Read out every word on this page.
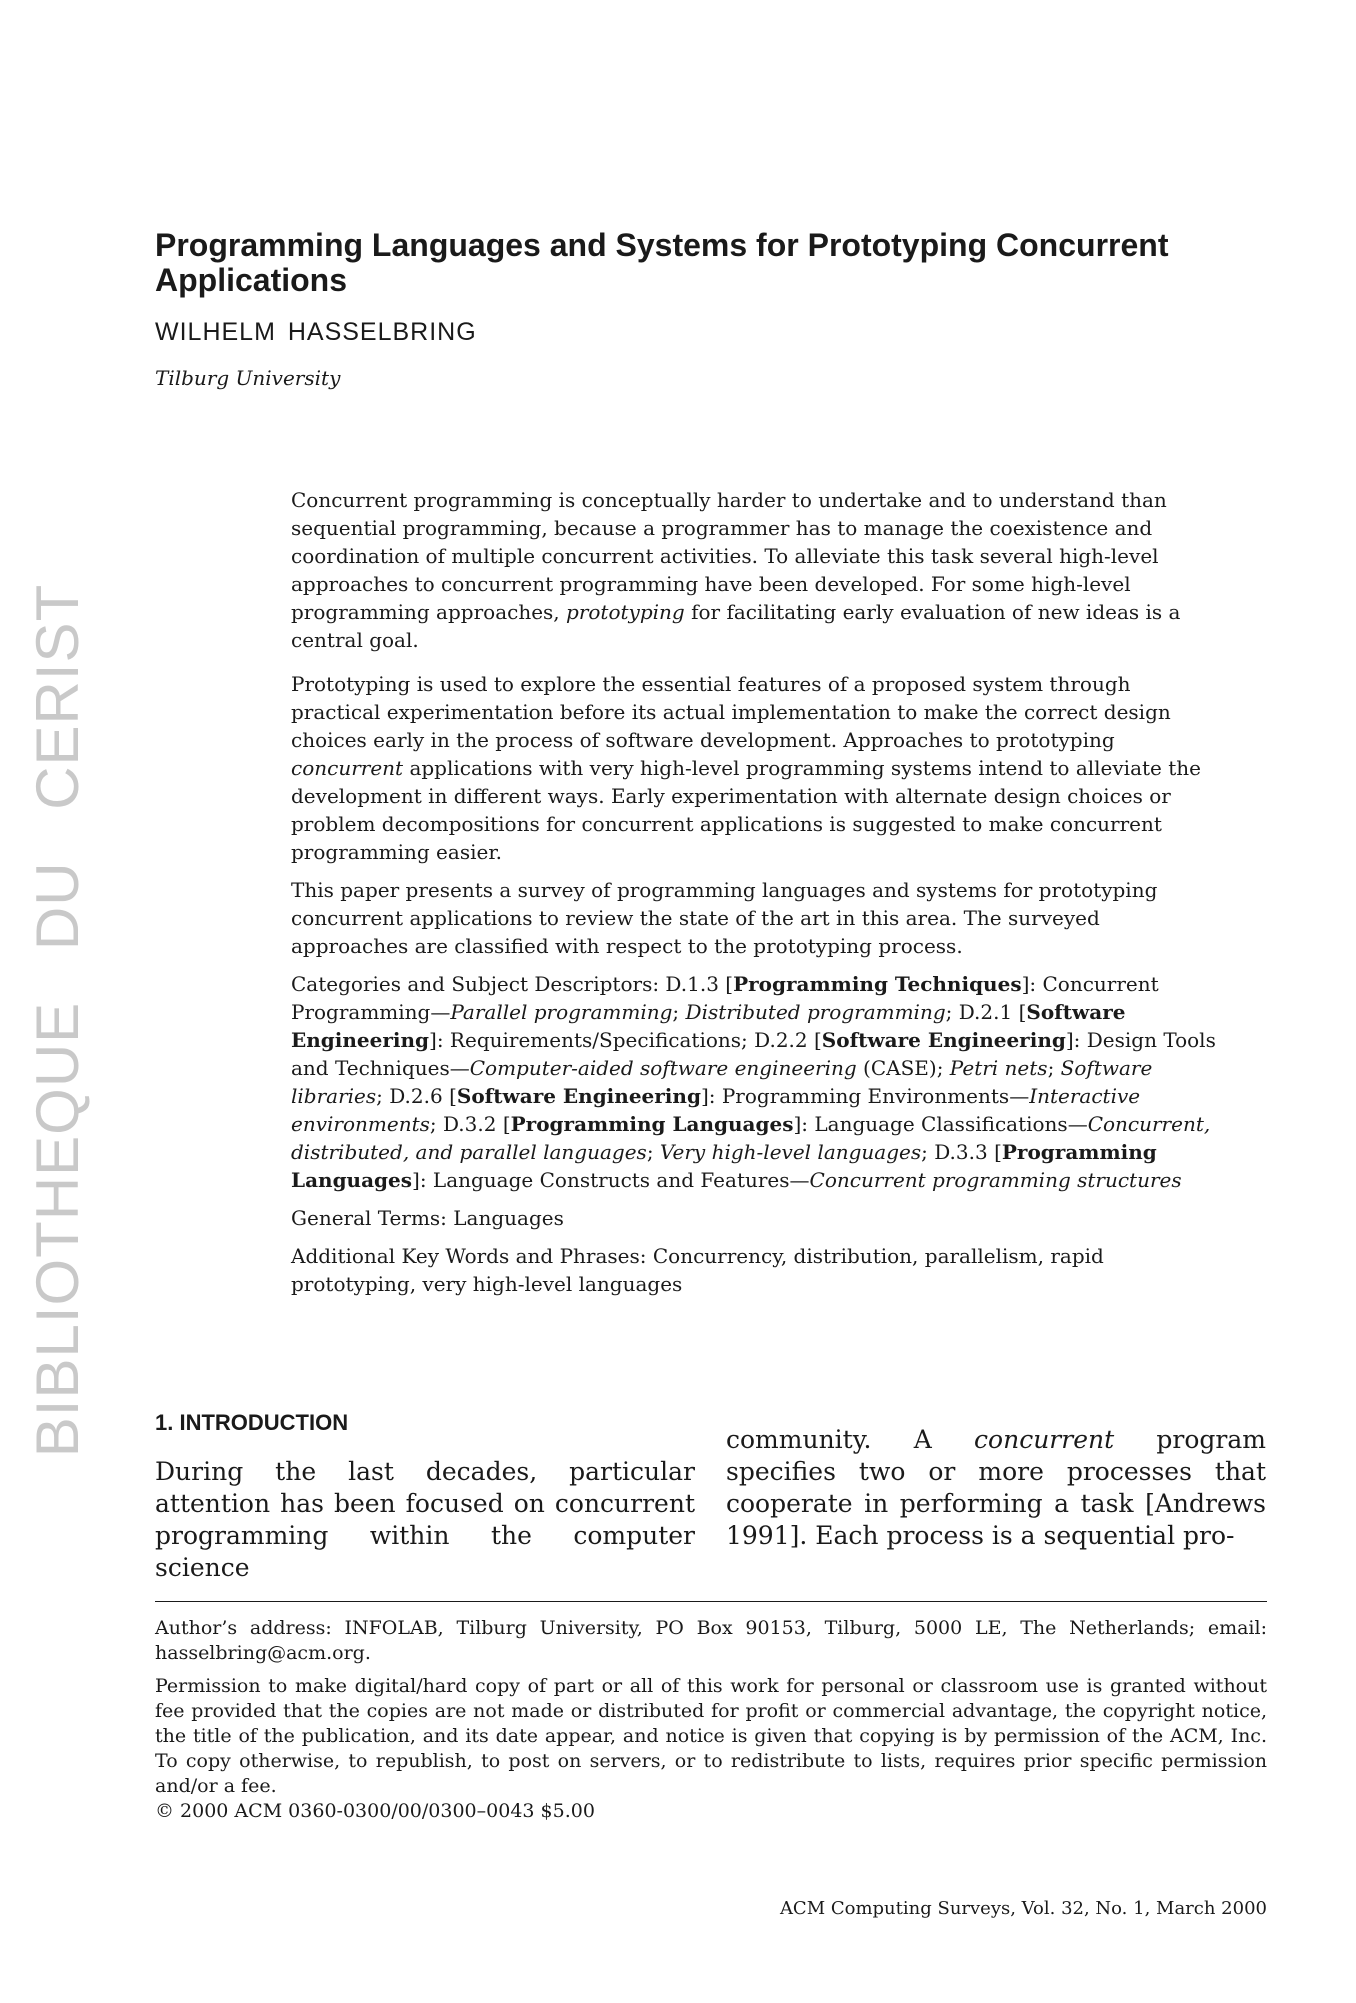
BIBLIOTHEQUE DU CERIST
Programming Languages and Systems for Prototyping Concurrent Applications

WILHELM HASSELBRING

Tilburg University

Concurrent programming is conceptually harder to undertake and to understand than sequential programming, because a programmer has to manage the coexistence and coordination of multiple concurrent activities. To alleviate this task several high-level approaches to concurrent programming have been developed. For some high-level programming approaches, prototyping for facilitating early evaluation of new ideas is a central goal.

Prototyping is used to explore the essential features of a proposed system through practical experimentation before its actual implementation to make the correct design choices early in the process of software development. Approaches to prototyping concurrent applications with very high-level programming systems intend to alleviate the development in different ways. Early experimentation with alternate design choices or problem decompositions for concurrent applications is suggested to make concurrent programming easier.

This paper presents a survey of programming languages and systems for prototyping concurrent applications to review the state of the art in this area. The surveyed approaches are classified with respect to the prototyping process.

Categories and Subject Descriptors: D.1.3 [Programming Techniques]: Concurrent Programming—Parallel programming; Distributed programming; D.2.1 [Software Engineering]: Requirements/Specifications; D.2.2 [Software Engineering]: Design Tools and Techniques—Computer-aided software engineering (CASE); Petri nets; Software libraries; D.2.6 [Software Engineering]: Programming Environments—Interactive environments; D.3.2 [Programming Languages]: Language Classifications—Concurrent, distributed, and parallel languages; Very high-level languages; D.3.3 [Programming Languages]: Language Constructs and Features—Concurrent programming structures

General Terms: Languages

Additional Key Words and Phrases: Concurrency, distribution, parallelism, rapid prototyping, very high-level languages

1. INTRODUCTION

During the last decades, particular attention has been focused on concurrent programming within the computer science

community. A concurrent program specifies two or more processes that cooperate in performing a task [Andrews 1991]. Each process is a sequential pro-

Author’s address: INFOLAB, Tilburg University, PO Box 90153, Tilburg, 5000 LE, The Netherlands; email: hasselbring@acm.org.

Permission to make digital/hard copy of part or all of this work for personal or classroom use is granted without fee provided that the copies are not made or distributed for profit or commercial advantage, the copyright notice, the title of the publication, and its date appear, and notice is given that copying is by permission of the ACM, Inc. To copy otherwise, to republish, to post on servers, or to redistribute to lists, requires prior specific permission and/or a fee.

© 2000 ACM 0360-0300/00/0300–0043 $5.00

ACM Computing Surveys, Vol. 32, No. 1, March 2000
